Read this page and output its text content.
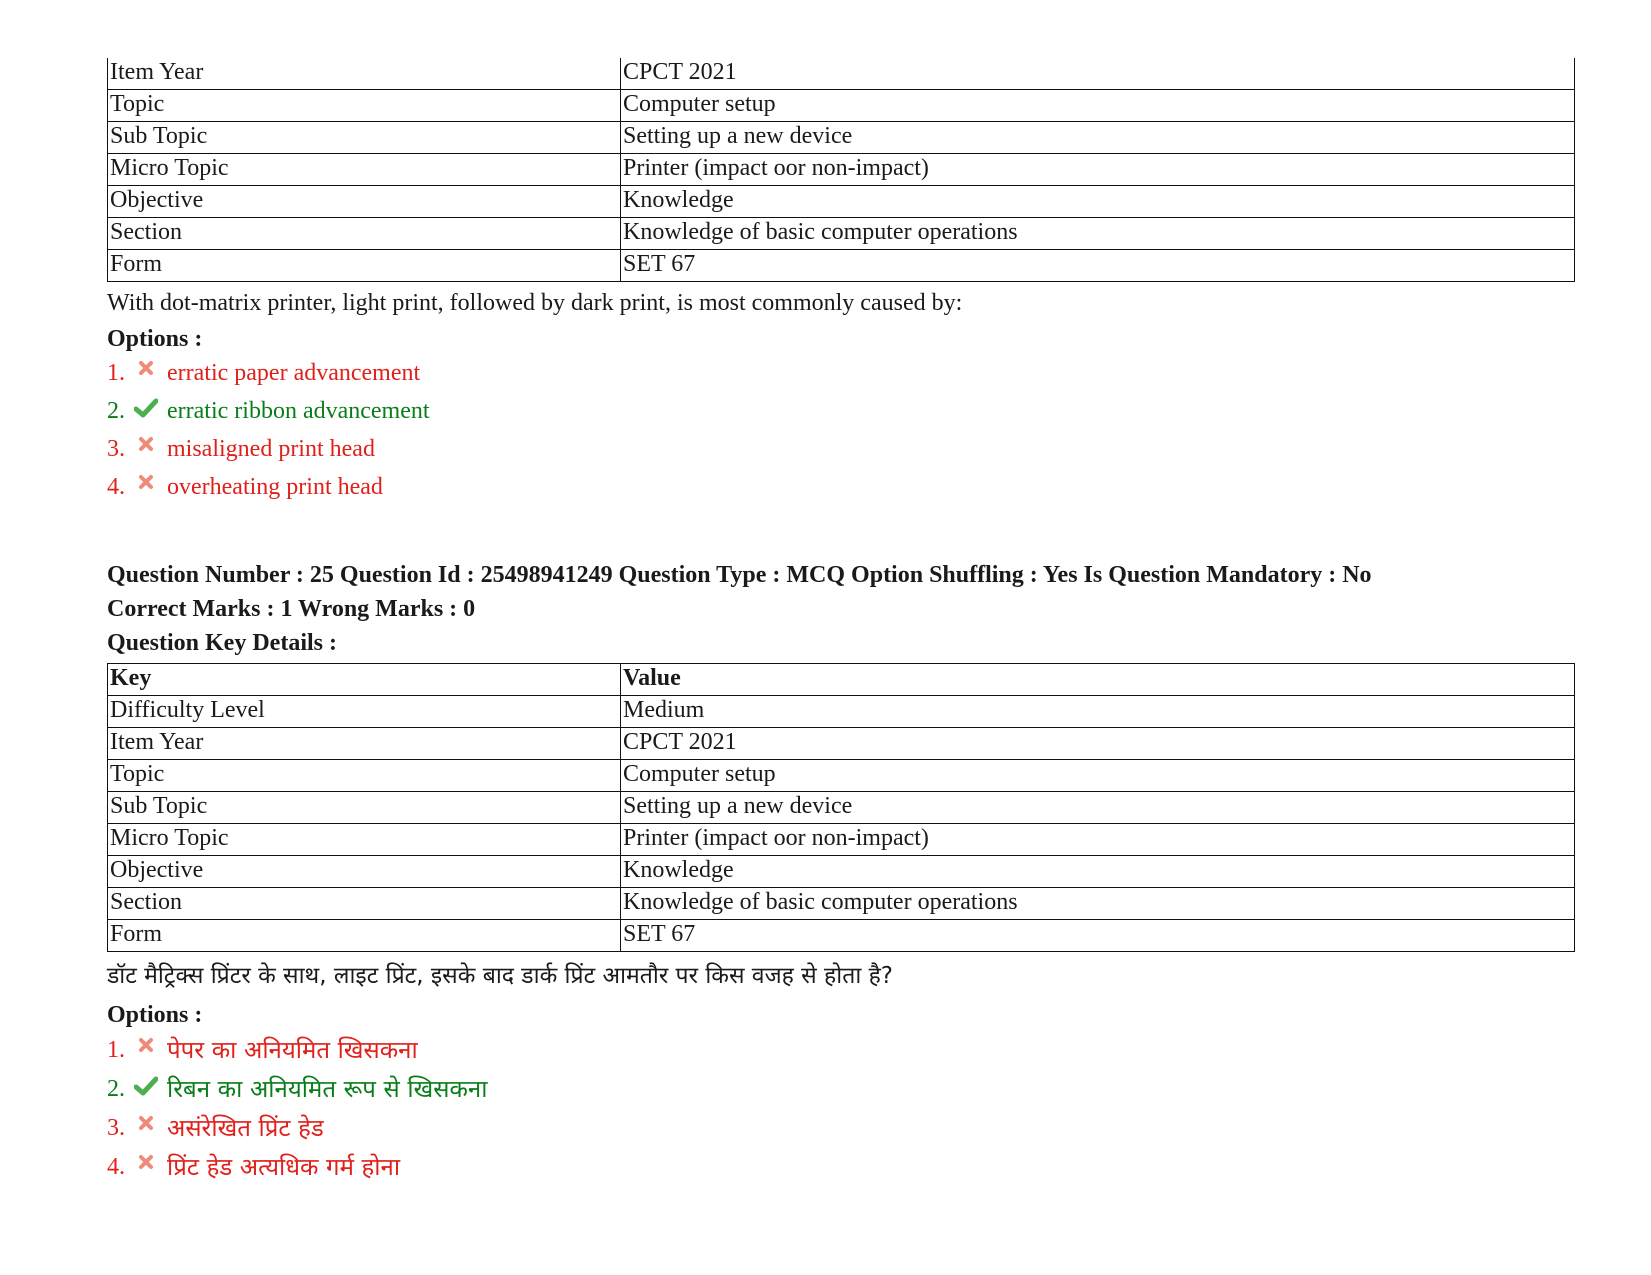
Item Year	CPCT 2021
Topic	Computer setup
Sub Topic	Setting up a new device
Micro Topic	Printer (impact oor non-impact)
Objective	Knowledge
Section	Knowledge of basic computer operations
Form	SET 67
With dot-matrix printer, light print, followed by dark print, is most commonly caused by:
Options :
1. erratic paper advancement
2. erratic ribbon advancement
3. misaligned print head
4. overheating print head
Question Number : 25 Question Id : 25498941249 Question Type : MCQ Option Shuffling : Yes Is Question Mandatory : No
Correct Marks : 1 Wrong Marks : 0
Question Key Details :
Key	Value
Difficulty Level	Medium
Item Year	CPCT 2021
Topic	Computer setup
Sub Topic	Setting up a new device
Micro Topic	Printer (impact oor non-impact)
Objective	Knowledge
Section	Knowledge of basic computer operations
Form	SET 67
डॉट मैट्रिक्स प्रिंटर के साथ, लाइट प्रिंट, इसके बाद डार्क प्रिंट आमतौर पर किस वजह से होता है?
Options :
1. पेपर का अनियमित खिसकना
2. रिबन का अनियमित रूप से खिसकना
3. असंरेखित प्रिंट हेड
4. प्रिंट हेड अत्यधिक गर्म होना
